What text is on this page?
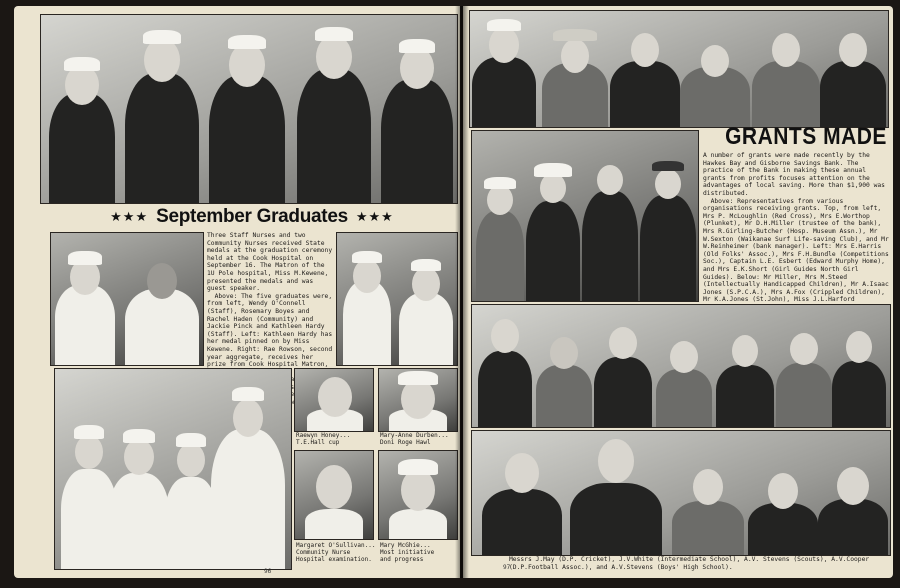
★★★ September Graduates ★★★
Three Staff Nurses and two Community Nurses received State medals at the graduation ceremony held at the Cook Hospital on September 16. The Matron of the 1U Pole hospital, Miss M.Kewene, presented the medals and was guest speaker.
Above: The five graduates were, from left, Wendy O'Connell (Staff), Rosemary Boyes and Rachel Haden (Community) and Jackie Pinck and Kathleen Hardy (Staff). Left: Kathleen Hardy has her medal pinned on by Miss Kewene. Right: Rae Rowson, second year aggregate, receives her prize from Cook Hospital Matron,
Raewyn Honey...
T.E.Hall cup
Mary-Anne Durben...
Doni Roge Hawl
Margaret O'Sullivan...
Community Nurse Hospital examination.
Mary McGhie...
Most initiative
and progress
96
GRANTS MADE
A number of grants were made recently by the Hawkes Bay and Gisborne Savings Bank. The practice of the Bank in making these annual grants from profits focuses attention on the advantages of local saving. More than $1,900 was distributed.
Above: Representatives from various organisations receiving grants. Top, from left, Mrs P. McLoughlin (Red Cross), Mrs E.Worthop (Plunket), Mr D.H.Miller (trustee of the bank), Mrs R.Girling-Butcher (Hosp. Museum Assn.), Mr W.Sexton (Waikanae Surf Life-saving Club), and Mr W.Reinheimer (bank manager). Left: Mrs E.Harris (Old Folks' Assoc.), Mrs F.H.Bundle (Competitions Soc.), Captain L.E. Esbert (Edward Murphy Home), and Mrs E.K.Short (Girl Guides North Girl Guides). Below: Mr Miller, Mrs M.Steed (Intellectually Handicapped Children), Mr A.Isaac Jones (S.P.C.A.), Mrs A.Fox (Crippled Children), Mr K.A.Jones (St.John), Miss J.L.Harford
Messrs J.May (D.P. Cricket), J.V.White (Intermediate School), A.V. Stevens (Scouts), A.V.Cooper (D.P.Football Assoc.), and A.V.Stevens (Boys' High School).
97
